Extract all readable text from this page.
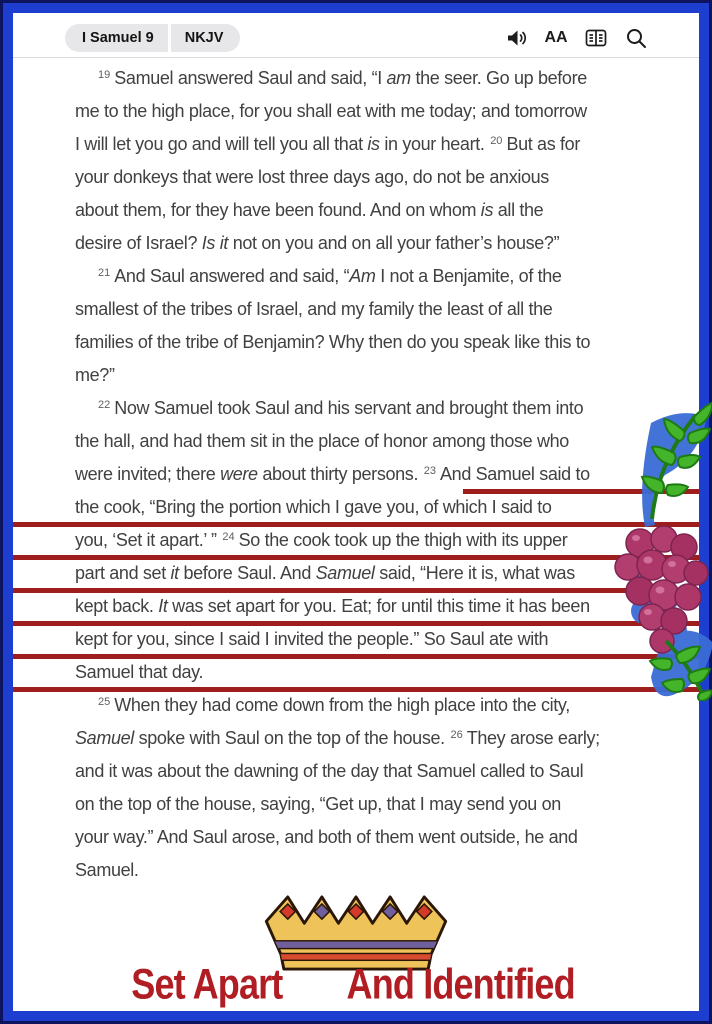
I Samuel 9	NKJV	AA
$^{19}$ Samuel answered Saul and said, “I am the seer. Go up before
me to the high place, for you shall eat with me today; and tomorrow
I will let you go and will tell you all that is in your heart. $^{20}$ But as for
your donkeys that were lost three days ago, do not be anxious
about them, for they have been found. And on whom is all the
desire of Israel? Is it not on you and on all your father’s house?”
$^{21}$ And Saul answered and said, “Am I not a Benjamite, of the
smallest of the tribes of Israel, and my family the least of all the
families of the tribe of Benjamin? Why then do you speak like this to
me?”
$^{22}$ Now Samuel took Saul and his servant and brought them into
the hall, and had them sit in the place of honor among those who
were invited; there were about thirty persons. $^{23}$ And Samuel said to
the cook, “Bring the portion which I gave you, of which I said to
you, ‘Set it apart.’ ” $^{24}$ So the cook took up the thigh with its upper
part and set it before Saul. And Samuel said, “Here it is, what was
kept back. It was set apart for you. Eat; for until this time it has been
kept for you, since I said I invited the people.” So Saul ate with
Samuel that day.
$^{25}$ When they had come down from the high place into the city,
Samuel spoke with Saul on the top of the house. $^{26}$ They arose early;
and it was about the dawning of the day that Samuel called to Saul
on the top of the house, saying, “Get up, that I may send you on
your way.” And Saul arose, and both of them went outside, he and
Samuel.
Set Apart And Identified
